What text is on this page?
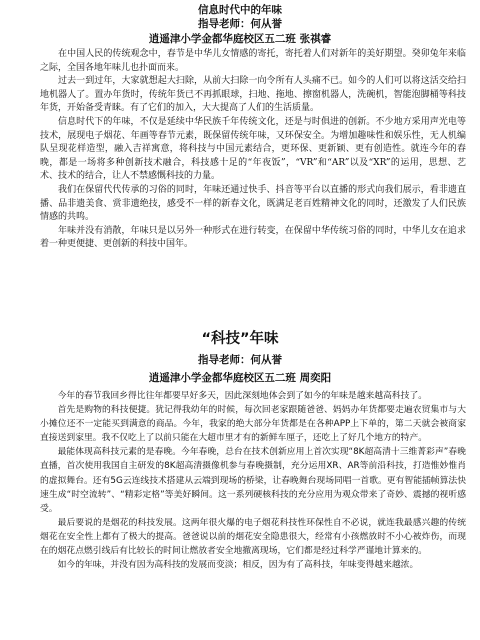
信息时代中的年味
指导老师：何从誉
逍遥津小学金都华庭校区五二班 张祺睿

在中国人民的传统观念中，春节是中华儿女情感的寄托，寄托着人们对新年的美好期望。癸卯兔年来临之际，全国各地年味儿也扑面而来。

过去一到过年，大家就想起大扫除，从前大扫除一向令所有人头痛不已。如今的人们可以将这活交给扫地机器人了。置办年货时，传统年货已不再抓眼球，扫地、拖地、擦窗机器人，洗碗机，智能泡脚桶等科技年货，开始备受青睐。有了它们的加入，大大提高了人们的生活质量。

信息时代下的年味，不仅是延续中华民族千年传统文化，还是与时俱进的创新。不少地方采用声光电等技术，展现电子烟花、年画等春节元素，既保留传统年味，又环保安全。为增加趣味性和娱乐性，无人机编队呈现花样造型，融入吉祥寓意，将科技与中国元素结合，更环保、更新颖、更有创造性。就连今年的春晚，都是一场将多种创新技术融合，科技感十足的“年夜饭”，“VR”和“AR”以及“XR”的运用，思想、艺术、技术的结合，让人不禁感慨科技的力量。

我们在保留代代传承的习俗的同时，年味还通过快手、抖音等平台以直播的形式向我们展示，看非遗直播、品非遗美食、赏非遗绝技，感受不一样的新春文化，既满足老百姓精神文化的同时，还激发了人们民族情感的共鸣。

年味并没有消散，年味只是以另外一种形式在进行转变，在保留中华传统习俗的同时，中华儿女在追求着一种更便捷、更创新的科技中国年。

“科技”年味
指导老师：何从誉
逍遥津小学金都华庭校区五二班 周奕阳

今年的春节我回乡得比往年都要早好多天，因此深刻地体会到了如今的年味是越来越高科技了。

首先是购物的科技便捷。犹记得我幼年的时候，每次回老家跟随爸爸、妈妈办年货都要走遍农贸集市与大小摊位还不一定能买到满意的商品。今年，我家的绝大部分年货都是在各种APP上下单的，第二天就会被商家直接送到家里。我不仅吃上了以前只能在大超市里才有的新鲜车厘子，还吃上了好几个地方的特产。

最能体现高科技元素的是春晚。今年春晚，总台在技术创新应用上首次实现“8K超高清十三维菁彩声”春晚直播，首次使用我国自主研发的8K超高清摄像机参与春晚摄制，充分运用XR、AR等前沿科技，打造惟妙惟肖的虚拟舞台。还有5G云连线技术搭建从云端到现场的桥梁，让春晚舞台现场同唱一首歌。更有智能插帧算法快速生成“时空流转”、“精彩定格”等美好瞬间。这一系列硬核科技的充分应用为观众带来了奇妙、震撼的视听感受。

最后要说的是烟花的科技发展。这两年很火爆的电子烟花科技性环保性自不必说，就连我最感兴趣的传统烟花在安全性上都有了极大的提高。爸爸说以前的烟花安全隐患很大，经常有小孩燃放时不小心被炸伤，而现在的烟花点燃引线后有比较长的时间让燃放者安全地撤离现场，它们都是经过科学严谨地计算来的。

如今的年味，并没有因为高科技的发展而变淡；相反，因为有了高科技，年味变得越来越浓。
